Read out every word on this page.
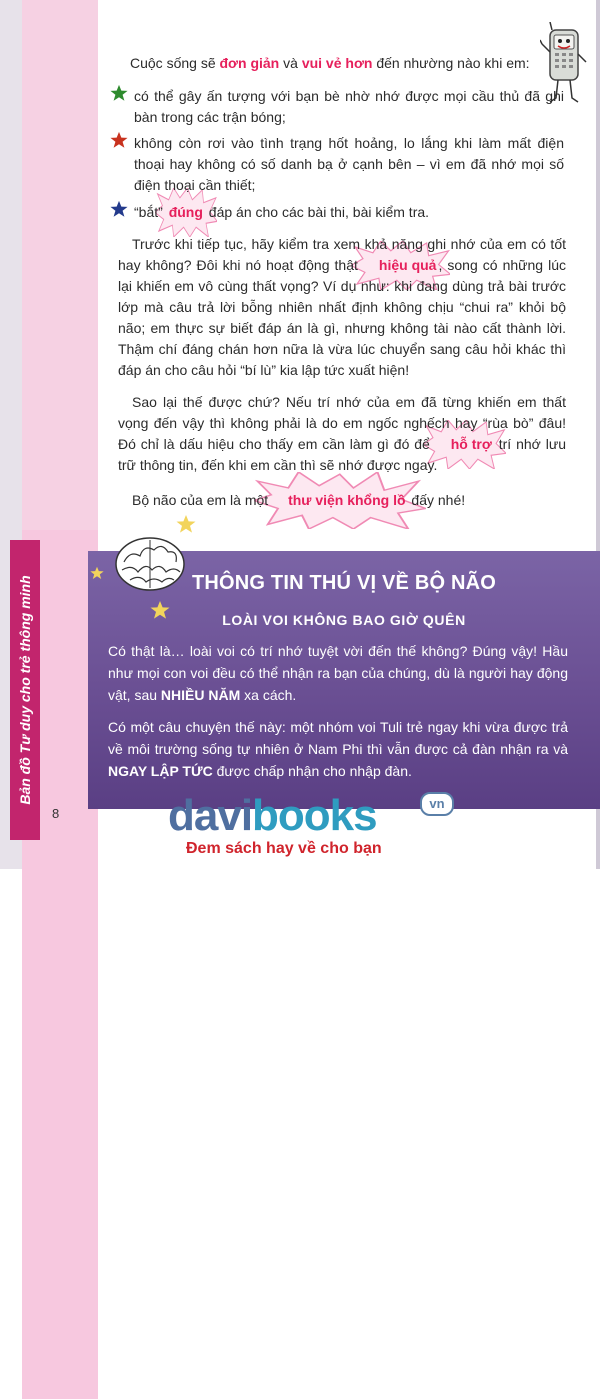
Bản đồ Tư duy cho trẻ thông minh
8

Cuộc sống sẽ đơn giản và vui vẻ hơn đến nhường nào khi em:

có thể gây ấn tượng với bạn bè nhờ nhớ được mọi cầu thủ đã ghi bàn trong các trận bóng;

không còn rơi vào tình trạng hốt hoảng, lo lắng khi làm mất điện thoại hay không có số danh bạ ở cạnh bên – vì em đã nhớ mọi số điện thoại cần thiết;

“bắt”
đúng đáp án cho các bài thi, bài kiểm tra.

Trước khi tiếp tục, hãy kiểm tra xem khả năng ghi nhớ của em có tốt hay không? Đôi khi nó hoạt động thật
hiệu quả , song có những lúc lại khiến em vô cùng thất vọng? Ví dụ như: khi đang dùng trả bài trước lớp mà câu trả lời bỗng nhiên nhất định không chịu “chui ra” khỏi bộ não; em thực sự biết đáp án là gì, nhưng không tài nào cất thành lời. Thậm chí đáng chán hơn nữa là vừa lúc chuyển sang câu hỏi khác thì đáp án cho câu hỏi “bí lù” kia lập tức xuất hiện!

Sao lại thế được chứ? Nếu trí nhớ của em đã từng khiến em thất vọng đến vậy thì không phải là do em ngốc nghếch hay “rùa bò” đâu! Đó chỉ là dấu hiệu cho thấy em cần làm gì đó để
hỗ trợ trí nhớ lưu trữ thông tin, đến khi em cần thì sẽ nhớ được ngay.

Bộ não của em là một
thư viện khổng lồ đấy nhé!

THÔNG TIN THÚ VỊ VỀ BỘ NÃO

LOÀI VOI KHÔNG BAO GIỜ QUÊN

Có thật là… loài voi có trí nhớ tuyệt vời đến thế không? Đúng vậy! Hầu như mọi con voi đều có thể nhận ra bạn của chúng, dù là người hay động vật, sau NHIỀU NĂM xa cách.

Có một câu chuyện thế này: một nhóm voi Tuli trẻ ngay khi vừa được trả về môi trường sống tự nhiên ở Nam Phi thì vẫn được cả đàn nhận ra và NGAY LẬP TỨC được chấp nhận cho nhập đàn.

davibooks	vn
Đem sách hay về cho bạn
